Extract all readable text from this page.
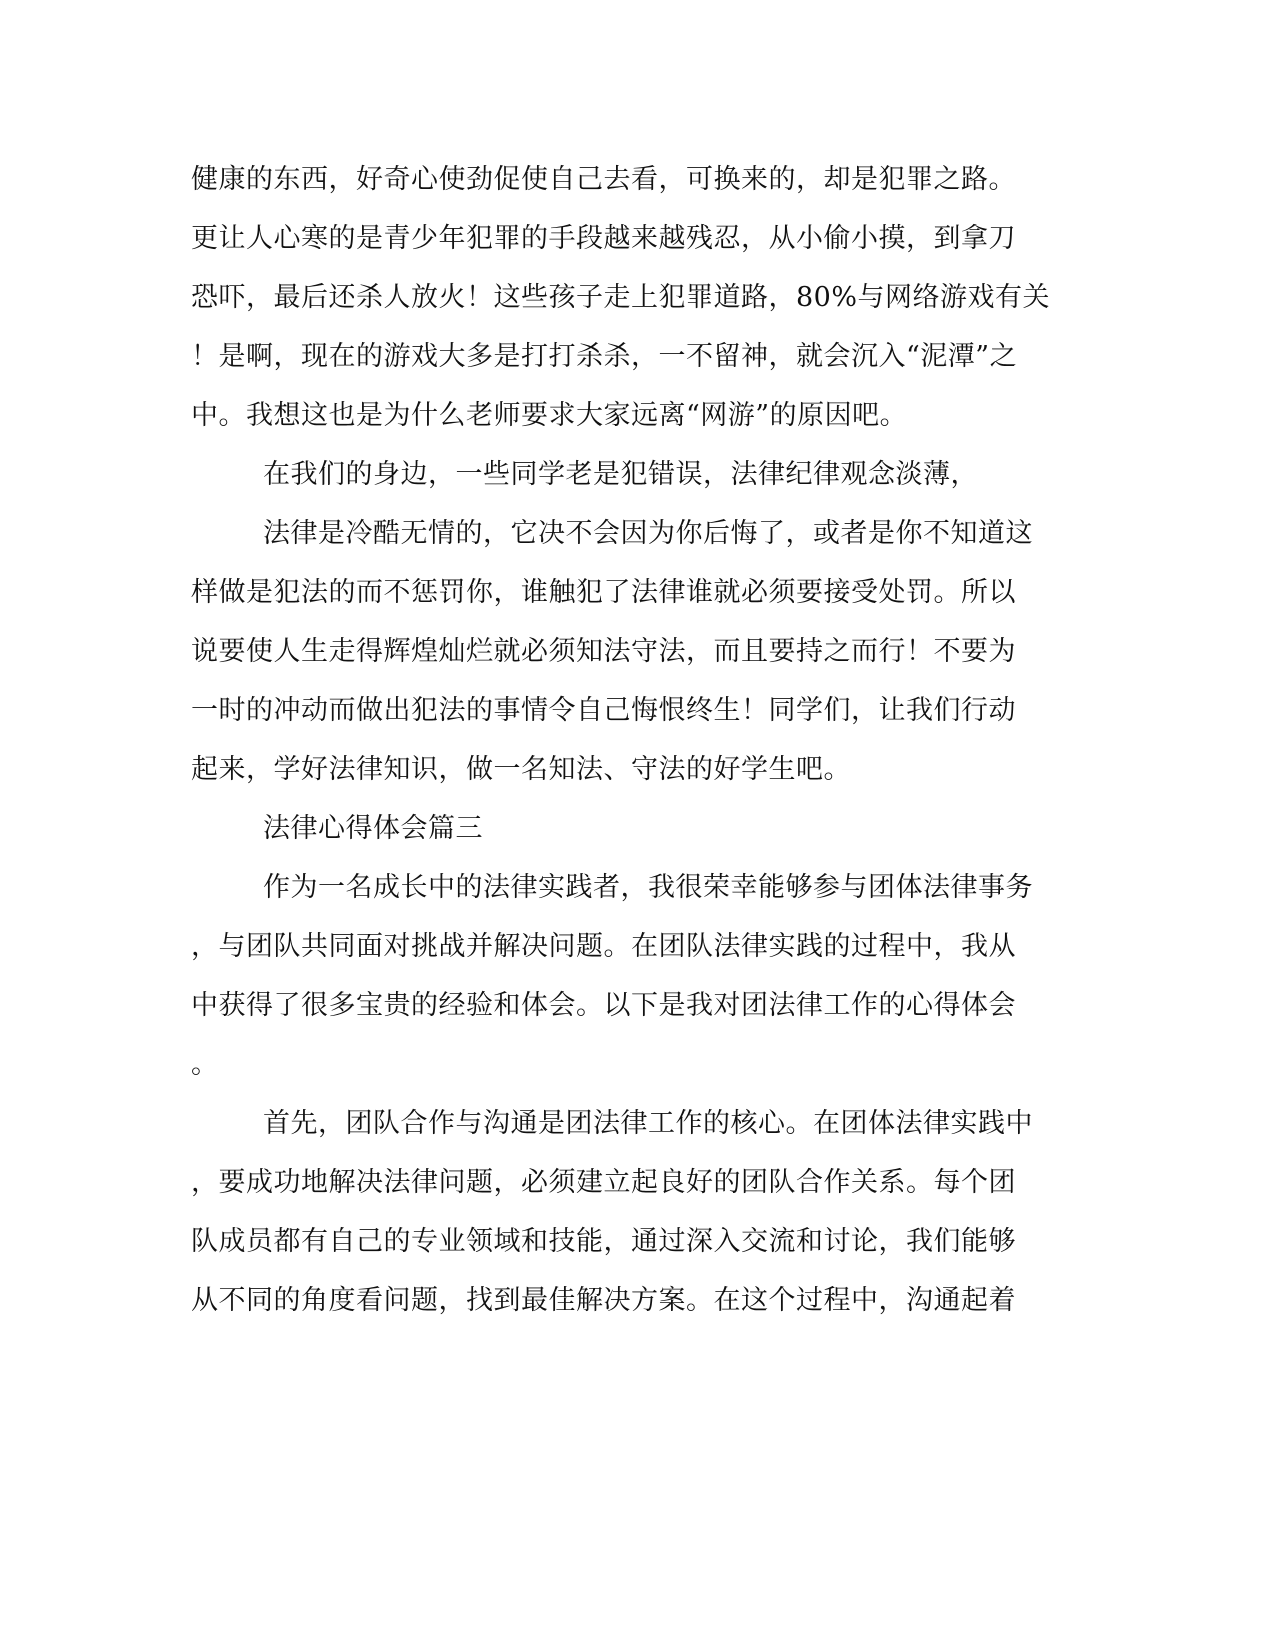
健康的东西，好奇心使劲促使自己去看，可换来的，却是犯罪之路。
更让人心寒的是青少年犯罪的手段越来越残忍，从小偷小摸，到拿刀
恐吓，最后还杀人放火！这些孩子走上犯罪道路，80%与网络游戏有关
！是啊，现在的游戏大多是打打杀杀，一不留神，就会沉入“泥潭”之
中。我想这也是为什么老师要求大家远离“网游”的原因吧。
在我们的身边，一些同学老是犯错误，法律纪律观念淡薄，
法律是冷酷无情的，它决不会因为你后悔了，或者是你不知道这
样做是犯法的而不惩罚你，谁触犯了法律谁就必须要接受处罚。所以
说要使人生走得辉煌灿烂就必须知法守法，而且要持之而行！不要为
一时的冲动而做出犯法的事情令自己悔恨终生！同学们，让我们行动
起来，学好法律知识，做一名知法、守法的好学生吧。
法律心得体会篇三
作为一名成长中的法律实践者，我很荣幸能够参与团体法律事务
，与团队共同面对挑战并解决问题。在团队法律实践的过程中，我从
中获得了很多宝贵的经验和体会。以下是我对团法律工作的心得体会
。
首先，团队合作与沟通是团法律工作的核心。在团体法律实践中
，要成功地解决法律问题，必须建立起良好的团队合作关系。每个团
队成员都有自己的专业领域和技能，通过深入交流和讨论，我们能够
从不同的角度看问题，找到最佳解决方案。在这个过程中，沟通起着
